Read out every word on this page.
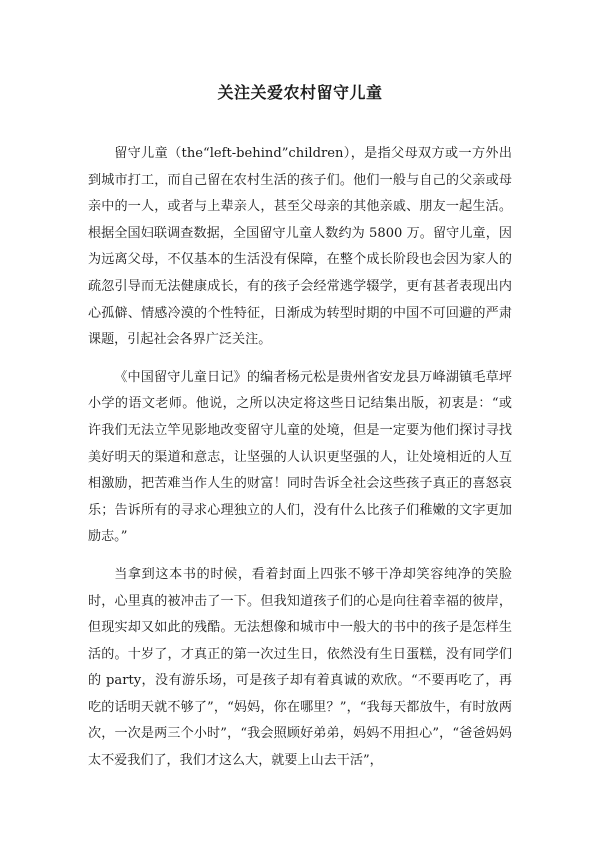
关注关爱农村留守儿童

留守儿童（the“left-behind”children），是指父母双方或一方外出到城市打工，而自己留在农村生活的孩子们。他们一般与自己的父亲或母亲中的一人，或者与上辈亲人，甚至父母亲的其他亲戚、朋友一起生活。根据全国妇联调查数据，全国留守儿童人数约为 5800 万。留守儿童，因为远离父母，不仅基本的生活没有保障，在整个成长阶段也会因为家人的疏忽引导而无法健康成长，有的孩子会经常逃学辍学，更有甚者表现出内心孤僻、情感冷漠的个性特征，日渐成为转型时期的中国不可回避的严肃课题，引起社会各界广泛关注。

《中国留守儿童日记》的编者杨元松是贵州省安龙县万峰湖镇毛草坪小学的语文老师。他说，之所以决定将这些日记结集出版，初衷是：“或许我们无法立竿见影地改变留守儿童的处境，但是一定要为他们探讨寻找美好明天的渠道和意志，让坚强的人认识更坚强的人，让处境相近的人互相激励，把苦难当作人生的财富！同时告诉全社会这些孩子真正的喜怒哀乐；告诉所有的寻求心理独立的人们，没有什么比孩子们稚嫩的文字更加励志。”

当拿到这本书的时候，看着封面上四张不够干净却笑容纯净的笑脸时，心里真的被冲击了一下。但我知道孩子们的心是向往着幸福的彼岸，但现实却又如此的残酷。无法想像和城市中一般大的书中的孩子是怎样生活的。十岁了，才真正的第一次过生日，依然没有生日蛋糕，没有同学们的 party，没有游乐场，可是孩子却有着真诚的欢欣。“不要再吃了，再吃的话明天就不够了”，“妈妈，你在哪里？”，“我每天都放牛，有时放两次，一次是两三个小时”，“我会照顾好弟弟，妈妈不用担心”，“爸爸妈妈太不爱我们了，我们才这么大，就要上山去干活”，
